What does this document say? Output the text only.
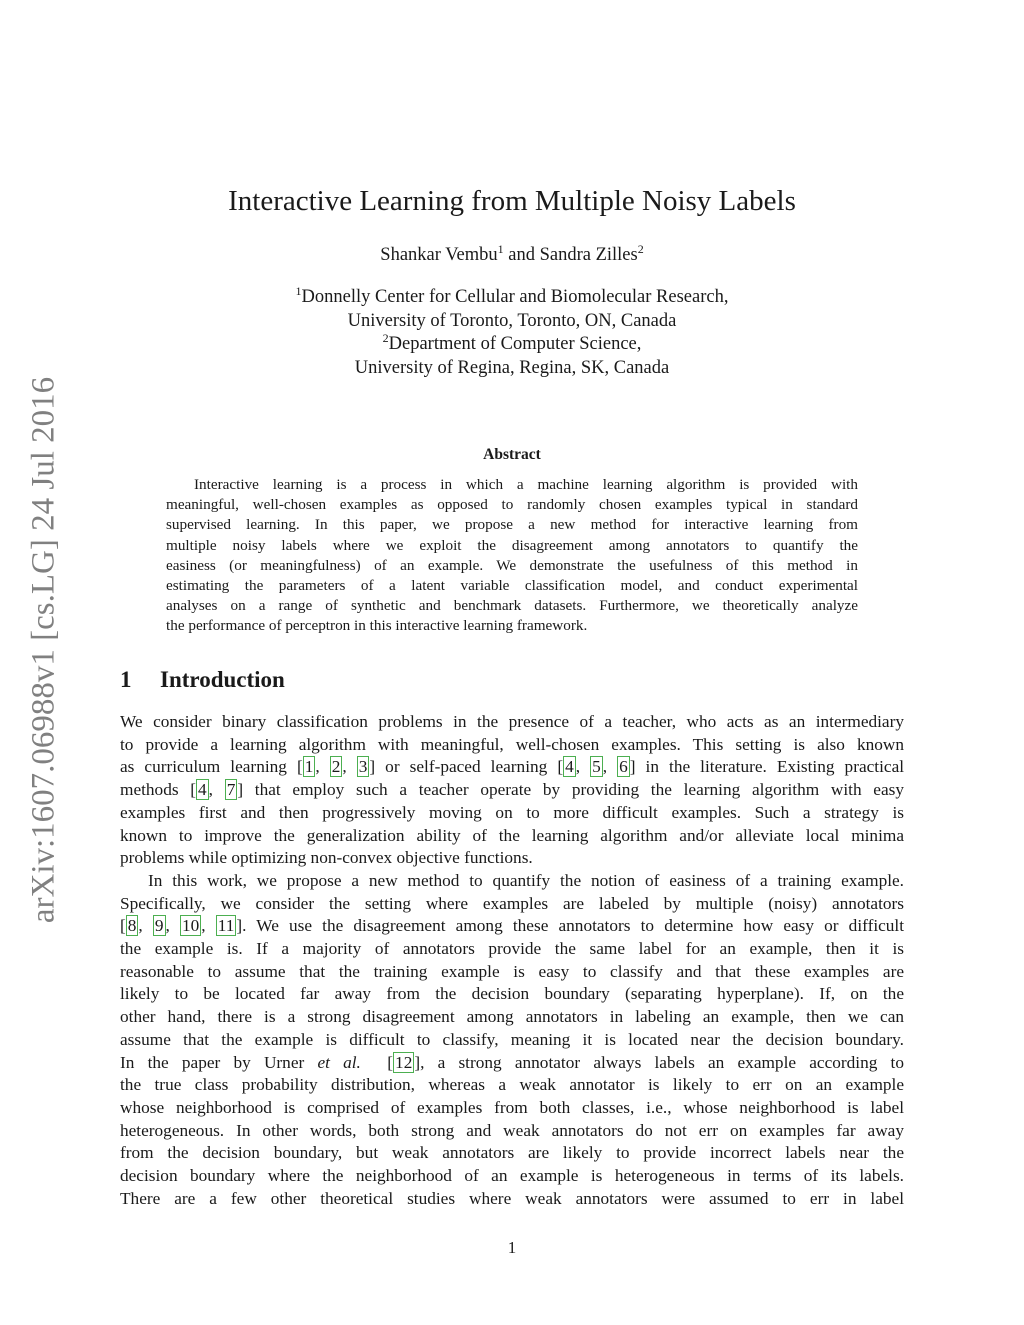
arXiv:1607.06988v1 [cs.LG] 24 Jul 2016
Interactive Learning from Multiple Noisy Labels
Shankar Vembu$^1$ and Sandra Zilles$^2$
$^1$Donnelly Center for Cellular and Biomolecular Research,
University of Toronto, Toronto, ON, Canada
$^2$Department of Computer Science,
University of Regina, Regina, SK, Canada
Abstract
Interactive learning is a process in which a machine learning algorithm is provided with
meaningful, well-chosen examples as opposed to randomly chosen examples typical in standard
supervised learning. In this paper, we propose a new method for interactive learning from
multiple noisy labels where we exploit the disagreement among annotators to quantify the
easiness (or meaningfulness) of an example. We demonstrate the usefulness of this method in
estimating the parameters of a latent variable classification model, and conduct experimental
analyses on a range of synthetic and benchmark datasets. Furthermore, we theoretically analyze
the performance of perceptron in this interactive learning framework.
1 Introduction
We consider binary classification problems in the presence of a teacher, who acts as an intermediary
to provide a learning algorithm with meaningful, well-chosen examples. This setting is also known
as curriculum learning [ 1 , 2 , 3 ] or self-paced learning [ 4 , 5 , 6 ] in the literature. Existing practical
methods [ 4 , 7 ] that employ such a teacher operate by providing the learning algorithm with easy
examples first and then progressively moving on to more difficult examples. Such a strategy is
known to improve the generalization ability of the learning algorithm and/or alleviate local minima
problems while optimizing non-convex objective functions.
In this work, we propose a new method to quantify the notion of easiness of a training example.
Specifically, we consider the setting where examples are labeled by multiple (noisy) annotators
[ 8 , 9 , 10 , 11 ]. We use the disagreement among these annotators to determine how easy or difficult
the example is. If a majority of annotators provide the same label for an example, then it is
reasonable to assume that the training example is easy to classify and that these examples are
likely to be located far away from the decision boundary (separating hyperplane). If, on the
other hand, there is a strong disagreement among annotators in labeling an example, then we can
assume that the example is difficult to classify, meaning it is located near the decision boundary.
In the paper by Urner et al.  [ 12 ], a strong annotator always labels an example according to
the true class probability distribution, whereas a weak annotator is likely to err on an example
whose neighborhood is comprised of examples from both classes, i.e., whose neighborhood is label
heterogeneous. In other words, both strong and weak annotators do not err on examples far away
from the decision boundary, but weak annotators are likely to provide incorrect labels near the
decision boundary where the neighborhood of an example is heterogeneous in terms of its labels.
There are a few other theoretical studies where weak annotators were assumed to err in label
1
